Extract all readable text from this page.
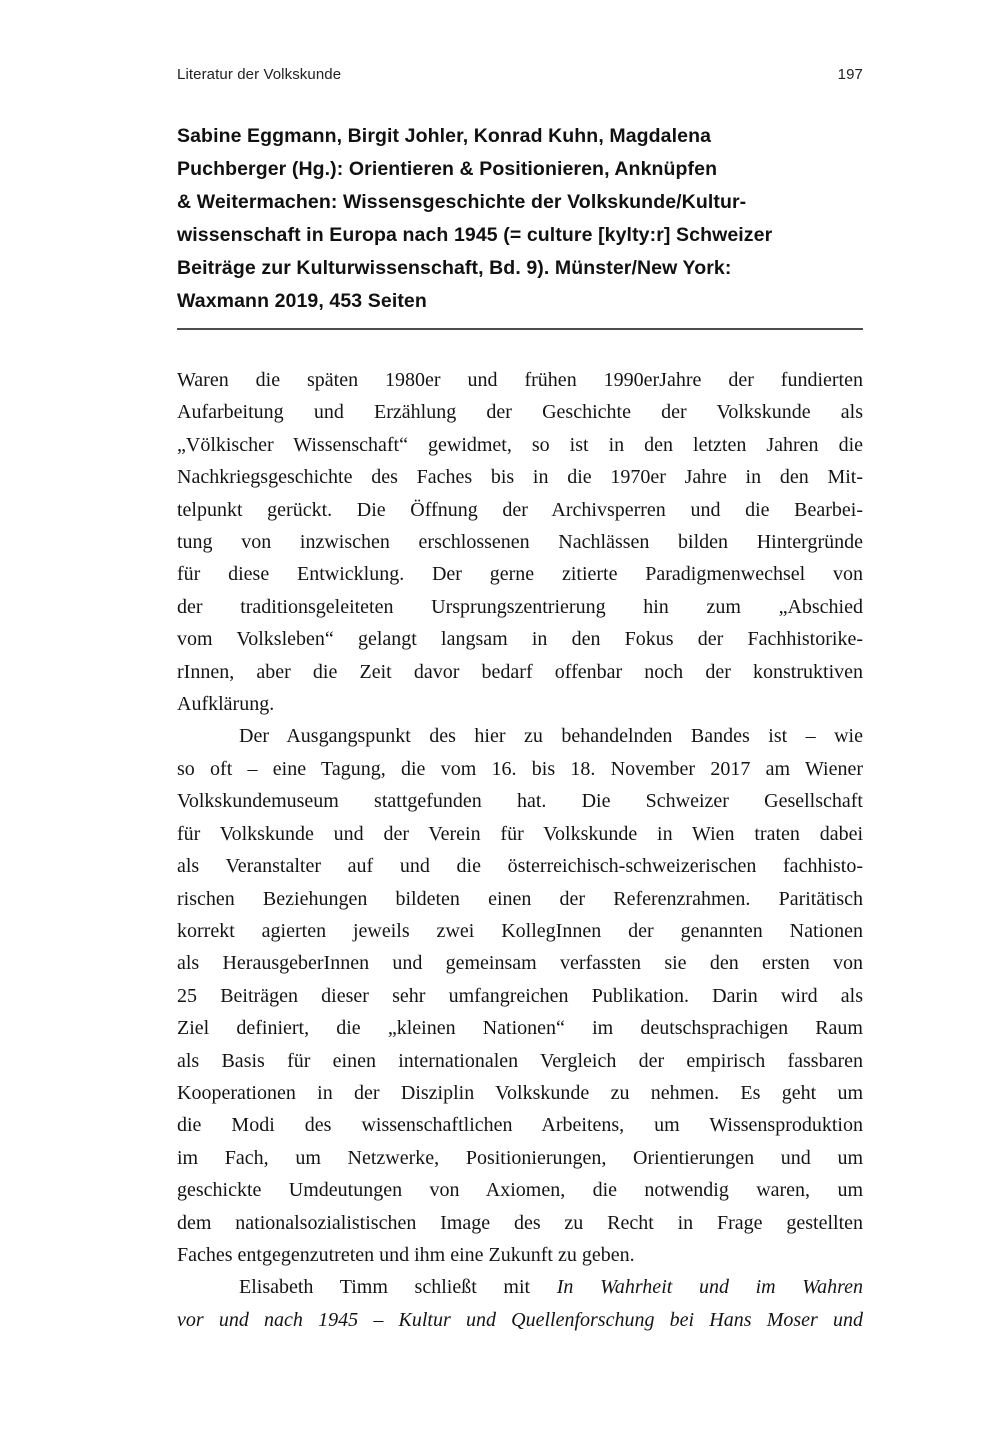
Literatur der Volkskunde	197
Sabine Eggmann, Birgit Johler, Konrad Kuhn, Magdalena
Puchberger (Hg.): Orientieren & Positionieren, Anknüpfen
& Weitermachen: Wissensgeschichte der Volkskunde/Kultur-
wissenschaft in Europa nach 1945 (= culture [kylty:r] Schweizer
Beiträge zur Kulturwissenschaft, Bd. 9). Münster/New York:
Waxmann 2019, 453 Seiten
Waren die späten 1980er und frühen 1990erJahre der fundierten
Aufarbeitung und Erzählung der Geschichte der Volkskunde als
„Völkischer Wissenschaft“ gewidmet, so ist in den letzten Jahren die
Nachkriegsgeschichte des Faches bis in die 1970er Jahre in den Mit-
telpunkt gerückt. Die Öffnung der Archivsperren und die Bearbei-
tung von inzwischen erschlossenen Nachlässen bilden Hintergründe
für diese Entwicklung. Der gerne zitierte Paradigmenwechsel von
der traditionsgeleiteten Ursprungszentrierung hin zum „Abschied
vom Volksleben“ gelangt langsam in den Fokus der Fachhistorike-
rInnen, aber die Zeit davor bedarf offenbar noch der konstruktiven
Aufklärung.
Der Ausgangspunkt des hier zu behandelnden Bandes ist – wie
so oft – eine Tagung, die vom 16. bis 18. November 2017 am Wiener
Volkskundemuseum stattgefunden hat. Die Schweizer Gesellschaft
für Volkskunde und der Verein für Volkskunde in Wien traten dabei
als Veranstalter auf und die österreichisch-schweizerischen fachhisto-
rischen Beziehungen bildeten einen der Referenzrahmen. Paritätisch
korrekt agierten jeweils zwei KollegInnen der genannten Nationen
als HerausgeberInnen und gemeinsam verfassten sie den ersten von
25 Beiträgen dieser sehr umfangreichen Publikation. Darin wird als
Ziel definiert, die „kleinen Nationen“ im deutschsprachigen Raum
als Basis für einen internationalen Vergleich der empirisch fassbaren
Kooperationen in der Disziplin Volkskunde zu nehmen. Es geht um
die Modi des wissenschaftlichen Arbeitens, um Wissensproduktion
im Fach, um Netzwerke, Positionierungen, Orientierungen und um
geschickte Umdeutungen von Axiomen, die notwendig waren, um
dem nationalsozialistischen Image des zu Recht in Frage gestellten
Faches entgegenzutreten und ihm eine Zukunft zu geben.
Elisabeth Timm schließt mit In Wahrheit und im Wahren
vor und nach 1945 – Kultur und Quellenforschung bei Hans Moser und
